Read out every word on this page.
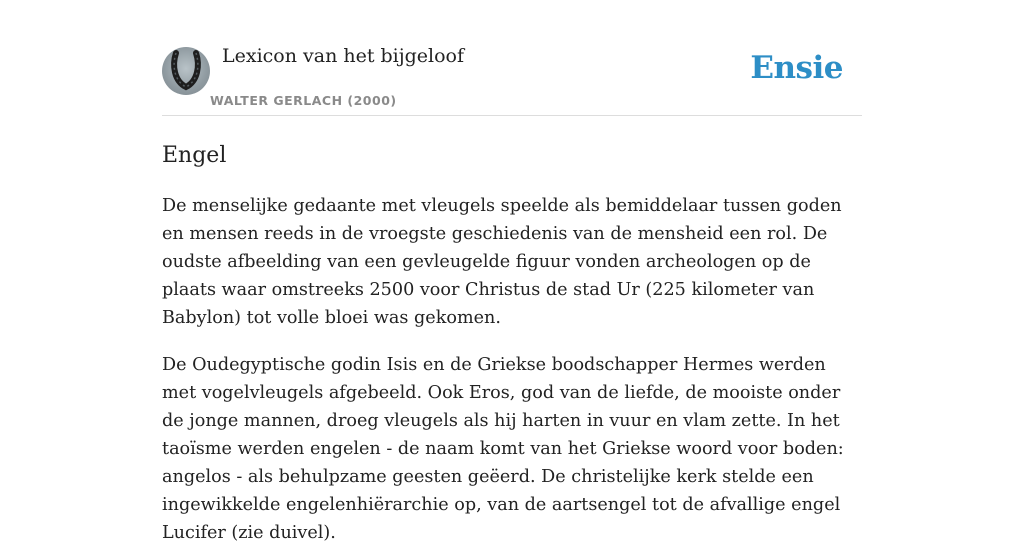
Lexicon van het bijgeloof
WALTER GERLACH (2000)
Ensie
Engel

De menselijke gedaante met vleugels speelde als bemiddelaar tussen goden en mensen reeds in de vroegste geschiedenis van de mensheid een rol. De oudste afbeelding van een gevleugelde figuur vonden archeologen op de plaats waar omstreeks 2500 voor Christus de stad Ur (225 kilometer van Babylon) tot volle bloei was gekomen.

De Oudegyptische godin Isis en de Griekse boodschapper Hermes werden met vogelvleugels afgebeeld. Ook Eros, god van de liefde, de mooiste onder de jonge mannen, droeg vleugels als hij harten in vuur en vlam zette. In het taoïsme werden engelen - de naam komt van het Griekse woord voor boden: angelos - als behulpzame geesten geëerd. De christelijke kerk stelde een ingewikkelde engelenhiërarchie op, van de aartsengel tot de afvallige engel Lucifer (zie duivel).
